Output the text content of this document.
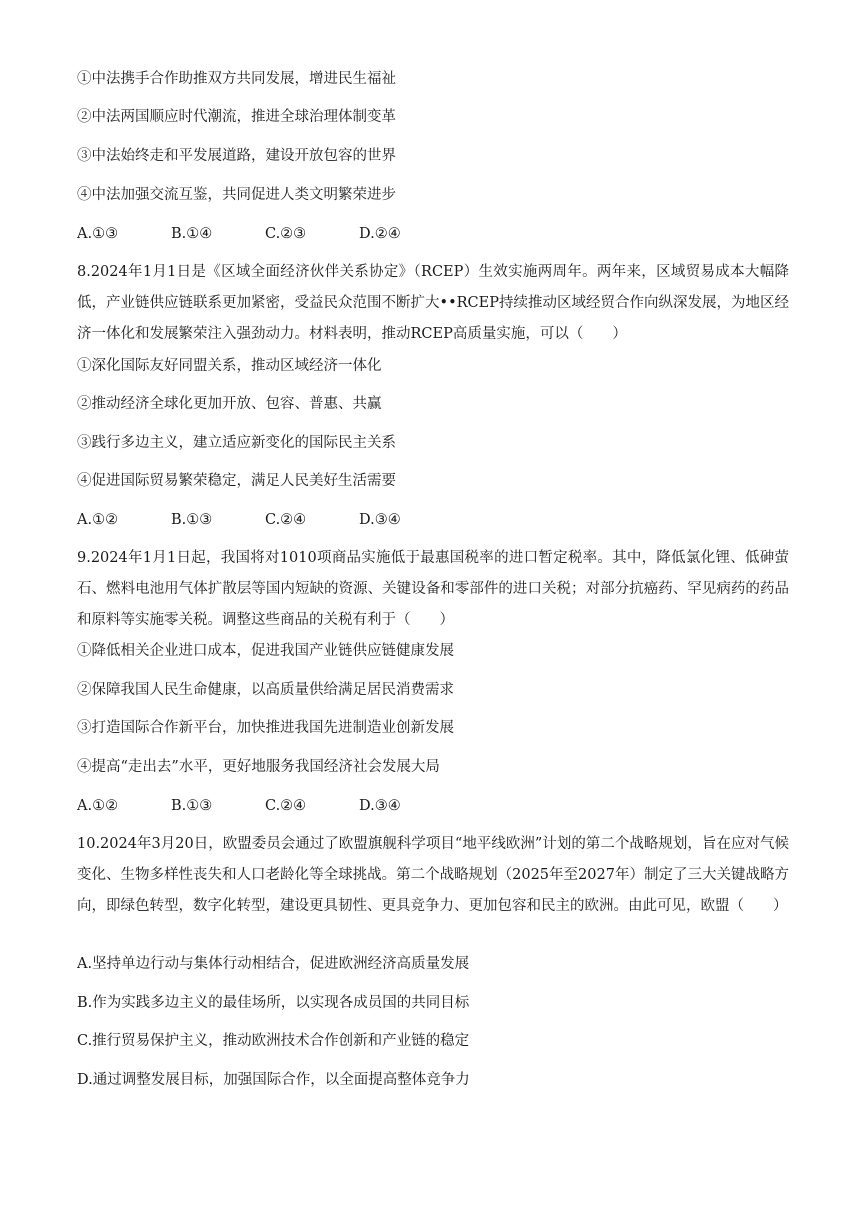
①中法携手合作助推双方共同发展，增进民生福祉
②中法两国顺应时代潮流，推进全球治理体制变革
③中法始终走和平发展道路，建设开放包容的世界
④中法加强交流互鉴，共同促进人类文明繁荣进步
A.①③	B.①④	C.②③	D.②④
8.2024年1月1日是《区域全面经济伙伴关系协定》（RCEP）生效实施两周年。两年来，区域贸易成本大幅降低，产业链供应链联系更加紧密，受益民众范围不断扩大••RCEP持续推动区域经贸合作向纵深发展，为地区经济一体化和发展繁荣注入强劲动力。材料表明，推动RCEP高质量实施，可以（　　）
①深化国际友好同盟关系，推动区域经济一体化
②推动经济全球化更加开放、包容、普惠、共赢
③践行多边主义，建立适应新变化的国际民主关系
④促进国际贸易繁荣稳定，满足人民美好生活需要
A.①②	B.①③	C.②④	D.③④
9.2024年1月1日起，我国将对1010项商品实施低于最惠国税率的进口暂定税率。其中，降低氯化锂、低砷萤石、燃料电池用气体扩散层等国内短缺的资源、关键设备和零部件的进口关税；对部分抗癌药、罕见病药的药品和原料等实施零关税。调整这些商品的关税有利于（　　）
①降低相关企业进口成本，促进我国产业链供应链健康发展
②保障我国人民生命健康，以高质量供给满足居民消费需求
③打造国际合作新平台，加快推进我国先进制造业创新发展
④提高“走出去”水平，更好地服务我国经济社会发展大局
A.①②	B.①③	C.②④	D.③④
10.2024年3月20日，欧盟委员会通过了欧盟旗舰科学项目“地平线欧洲”计划的第二个战略规划，旨在应对气候变化、生物多样性丧失和人口老龄化等全球挑战。第二个战略规划（2025年至2027年）制定了三大关键战略方向，即绿色转型，数字化转型，建设更具韧性、更具竞争力、更加包容和民主的欧洲。由此可见，欧盟（　　）
A.坚持单边行动与集体行动相结合，促进欧洲经济高质量发展
B.作为实践多边主义的最佳场所，以实现各成员国的共同目标
C.推行贸易保护主义，推动欧洲技术合作创新和产业链的稳定
D.通过调整发展目标，加强国际合作，以全面提高整体竞争力
